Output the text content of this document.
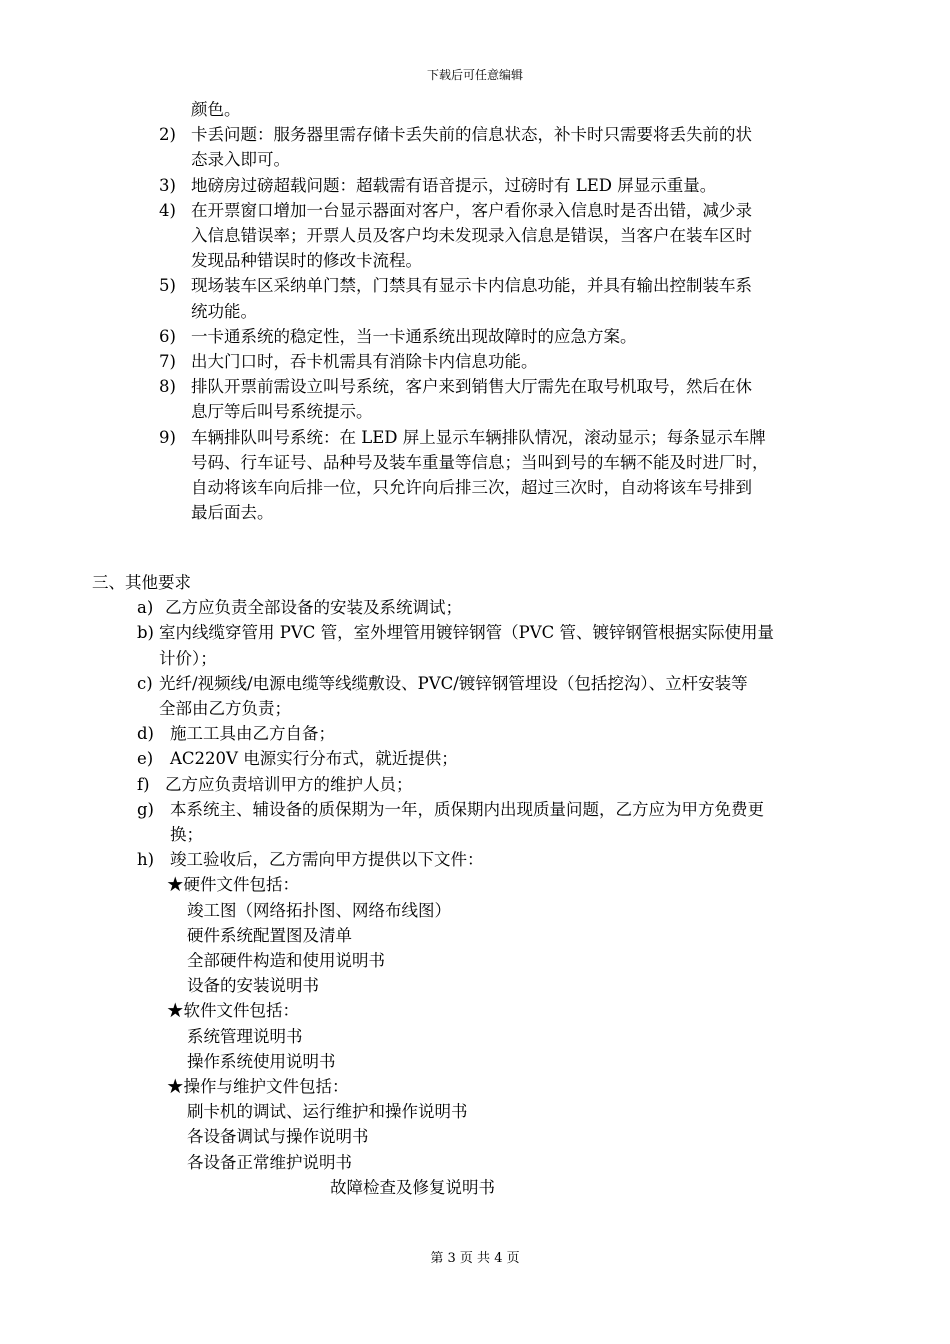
下载后可任意编辑
颜色。
2) 卡丢问题：服务器里需存储卡丢失前的信息状态，补卡时只需要将丢失前的状
态录入即可。
3) 地磅房过磅超载问题：超载需有语音提示，过磅时有 LED 屏显示重量。
4) 在开票窗口增加一台显示器面对客户，客户看你录入信息时是否出错，减少录
入信息错误率；开票人员及客户均未发现录入信息是错误，当客户在装车区时
发现品种错误时的修改卡流程。
5) 现场装车区采纳单门禁，门禁具有显示卡内信息功能，并具有输出控制装车系
统功能。
6) 一卡通系统的稳定性，当一卡通系统出现故障时的应急方案。
7) 出大门口时，吞卡机需具有消除卡内信息功能。
8) 排队开票前需设立叫号系统，客户来到销售大厅需先在取号机取号，然后在休
息厅等后叫号系统提示。
9) 车辆排队叫号系统：在 LED 屏上显示车辆排队情况，滚动显示；每条显示车牌
号码、行车证号、品种号及装车重量等信息；当叫到号的车辆不能及时进厂时，
自动将该车向后排一位，只允许向后排三次，超过三次时，自动将该车号排到
最后面去。
三、其他要求
a) 乙方应负责全部设备的安装及系统调试；
b) 室内线缆穿管用 PVC 管，室外埋管用镀锌钢管（PVC 管、镀锌钢管根据实际使用量
计价）；
c) 光纤/视频线/电源电缆等线缆敷设、PVC/镀锌钢管埋设（包括挖沟）、立杆安装等
全部由乙方负责；
d) 施工工具由乙方自备；
e) AC220V 电源实行分布式，就近提供；
f) 乙方应负责培训甲方的维护人员；
g) 本系统主、辅设备的质保期为一年，质保期内出现质量问题，乙方应为甲方免费更
换；
h) 竣工验收后，乙方需向甲方提供以下文件：
★硬件文件包括：
竣工图（网络拓扑图、网络布线图）
硬件系统配置图及清单
全部硬件构造和使用说明书
设备的安装说明书
★软件文件包括：
系统管理说明书
操作系统使用说明书
★操作与维护文件包括：
刷卡机的调试、运行维护和操作说明书
各设备调试与操作说明书
各设备正常维护说明书
故障检查及修复说明书
第 3 页 共 4 页
